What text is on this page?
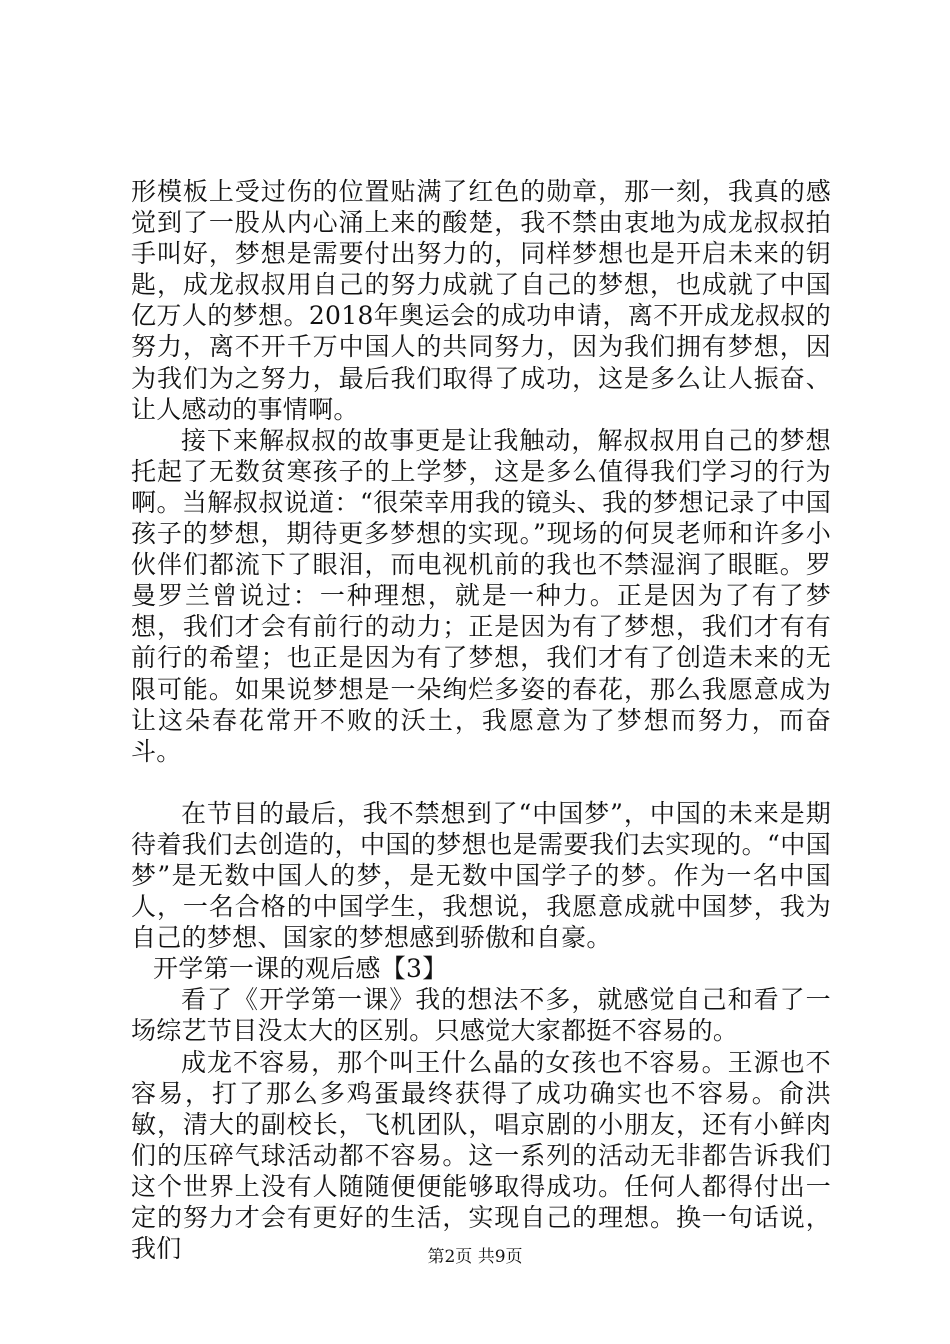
形模板上受过伤的位置贴满了红色的勋章，那一刻，我真的感觉到了一股从内心涌上来的酸楚，我不禁由衷地为成龙叔叔拍手叫好，梦想是需要付出努力的，同样梦想也是开启未来的钥匙，成龙叔叔用自己的努力成就了自己的梦想，也成就了中国亿万人的梦想。2018年奥运会的成功申请，离不开成龙叔叔的努力，离不开千万中国人的共同努力，因为我们拥有梦想，因为我们为之努力，最后我们取得了成功，这是多么让人振奋、让人感动的事情啊。

接下来解叔叔的故事更是让我触动，解叔叔用自己的梦想托起了无数贫寒孩子的上学梦，这是多么值得我们学习的行为啊。当解叔叔说道：“很荣幸用我的镜头、我的梦想记录了中国孩子的梦想，期待更多梦想的实现。”现场的何炅老师和许多小伙伴们都流下了眼泪，而电视机前的我也不禁湿润了眼眶。罗曼罗兰曾说过：一种理想，就是一种力。正是因为了有了梦想，我们才会有前行的动力；正是因为有了梦想，我们才有有前行的希望；也正是因为有了梦想，我们才有了创造未来的无限可能。如果说梦想是一朵绚烂多姿的春花，那么我愿意成为让这朵春花常开不败的沃土，我愿意为了梦想而努力，而奋斗。

在节目的最后，我不禁想到了“中国梦”，中国的未来是期待着我们去创造的，中国的梦想也是需要我们去实现的。“中国梦”是无数中国人的梦，是无数中国学子的梦。作为一名中国人，一名合格的中国学生，我想说，我愿意成就中国梦，我为自己的梦想、国家的梦想感到骄傲和自豪。

开学第一课的观后感【3】

看了《开学第一课》我的想法不多，就感觉自己和看了一场综艺节目没太大的区别。只感觉大家都挺不容易的。

成龙不容易，那个叫王什么晶的女孩也不容易。王源也不容易，打了那么多鸡蛋最终获得了成功确实也不容易。俞洪敏，清大的副校长，飞机团队，唱京剧的小朋友，还有小鲜肉们的压碎气球活动都不容易。这一系列的活动无非都告诉我们这个世界上没有人随随便便能够取得成功。任何人都得付出一定的努力才会有更好的生活，实现自己的理想。换一句话说，我们	第2页 共9页
